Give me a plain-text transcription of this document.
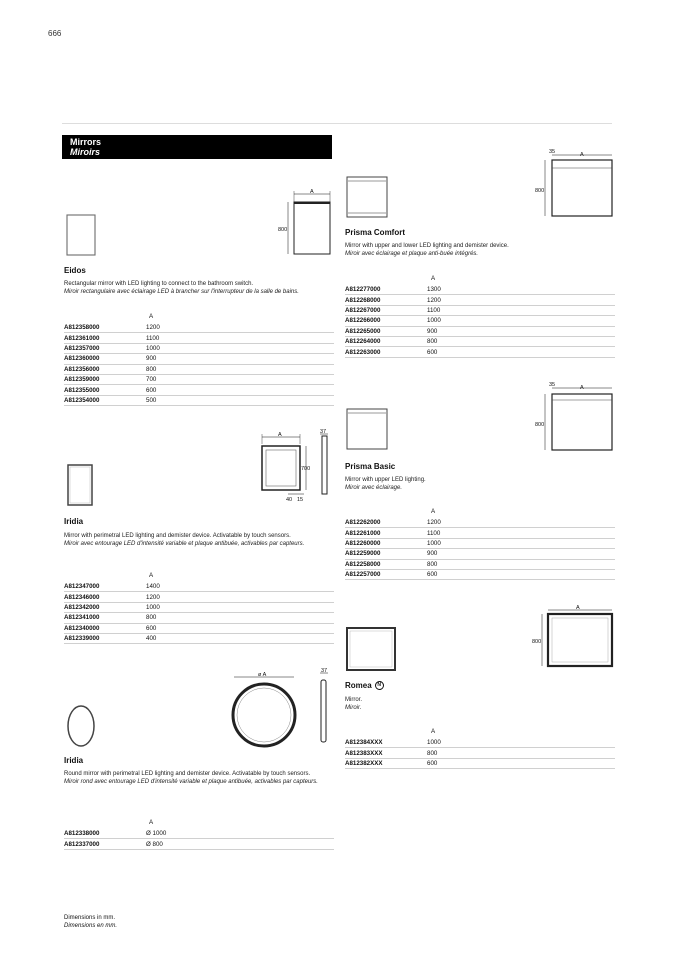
666
Mirrors
Miroirs
A
800
Eidos
Rectangular mirror with LED lighting to connect to the bathroom switch.
Miroir rectangulaire avec éclairage LED à brancher sur l'interrupteur de la salle de bains.
A
A812358000	1200
A812361000	1100
A812357000	1000
A812360000	900
A812356000	800
A812359000	700
A812355000	600
A812354000	500
A
700
37
40 15
Iridia
Mirror with perimetral LED lighting and demister device. Activatable by touch sensors.
Miroir avec entourage LED d'intensité variable et plaque antibuée, activables par capteurs.
A
A812347000	1400
A812346000	1200
A812342000	1000
A812341000	800
A812340000	600
A812339000	400
ø A
37
Iridia
Round mirror with perimetral LED lighting and demister device. Activatable by touch sensors.
Miroir rond avec entourage LED d'intensité variable et plaque antibuée, activables par capteurs.
A
A812338000	Ø 1000
A812337000	Ø 800
35	A
800
Prisma Comfort
Mirror with upper and lower LED lighting and demister device.
Miroir avec éclairage et plaque anti-buée intégrés.
A
A812277000	1300
A812268000	1200
A812267000	1100
A812266000	1000
A812265000	900
A812264000	800
A812263000	600
35	A
800
Prisma Basic
Mirror with upper LED lighting.
Miroir avec éclairage.
A
A812262000	1200
A812261000	1100
A812260000	1000
A812259000	900
A812258000	800
A812257000	600
A
800
Romea N
Mirror.
Miroir.
A
A812384XXX	1000
A812383XXX	800
A812382XXX	600
Dimensions in mm.
Dimensions en mm.
